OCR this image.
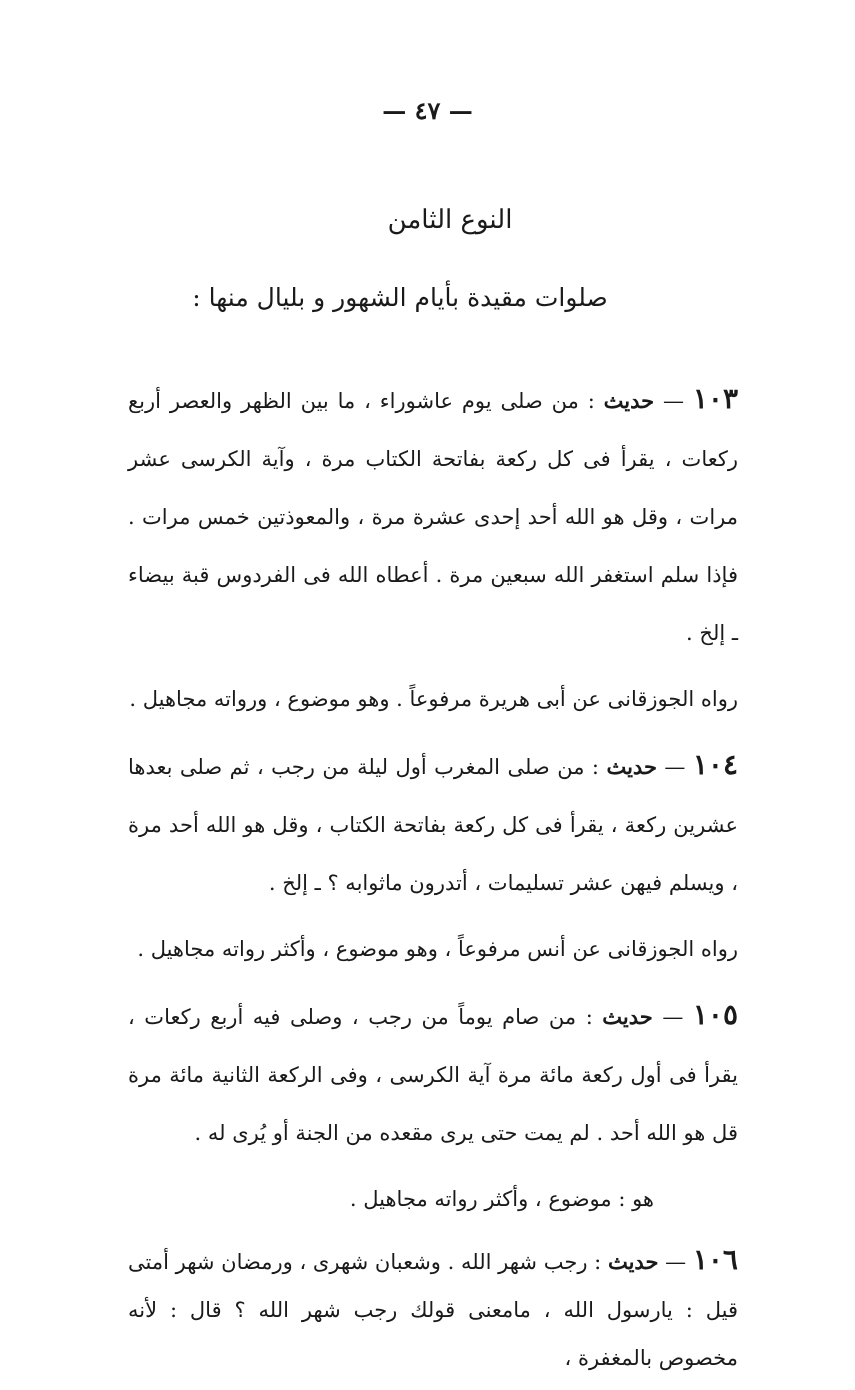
— ٤٧ —
النوع الثامن
صلوات مقيدة بأيام الشهور و بليال منها :

١٠٣ — حديث : من صلى يوم عاشوراء ، ما بين الظهر والعصر أربع ركعات ، يقرأ فى كل ركعة بفاتحة الكتاب مرة ، وآية الكرسى عشر مرات ، وقل هو الله أحد إحدى عشرة مرة ، والمعوذتين خمس مرات . فإذا سلم استغفر الله سبعين مرة . أعطاه الله فى الفردوس قبة بيضاء ـ إلخ .

رواه الجوزقانى عن أبى هريرة مرفوعاً . وهو موضوع ، ورواته مجاهيل .

١٠٤ — حديث : من صلى المغرب أول ليلة من رجب ، ثم صلى بعدها عشرين ركعة ، يقرأ فى كل ركعة بفاتحة الكتاب ، وقل هو الله أحد مرة ، ويسلم فيهن عشر تسليمات ، أتدرون ماثوابه ؟ ـ إلخ .

رواه الجوزقانى عن أنس مرفوعاً ، وهو موضوع ، وأكثر رواته مجاهيل .

١٠٥ — حديث : من صام يوماً من رجب ، وصلى فيه أربع ركعات ، يقرأ فى أول ركعة مائة مرة آية الكرسى ، وفى الركعة الثانية مائة مرة قل هو الله أحد . لم يمت حتى يرى مقعده من الجنة أو يُرى له .

هو : موضوع ، وأكثر رواته مجاهيل .

١٠٦ — حديث : رجب شهر الله . وشعبان شهرى ، ورمضان شهر أمتى قيل : يارسول الله ، مامعنى قولك رجب شهر الله ؟ قال : لأنه مخصوص بالمغفرة ،
